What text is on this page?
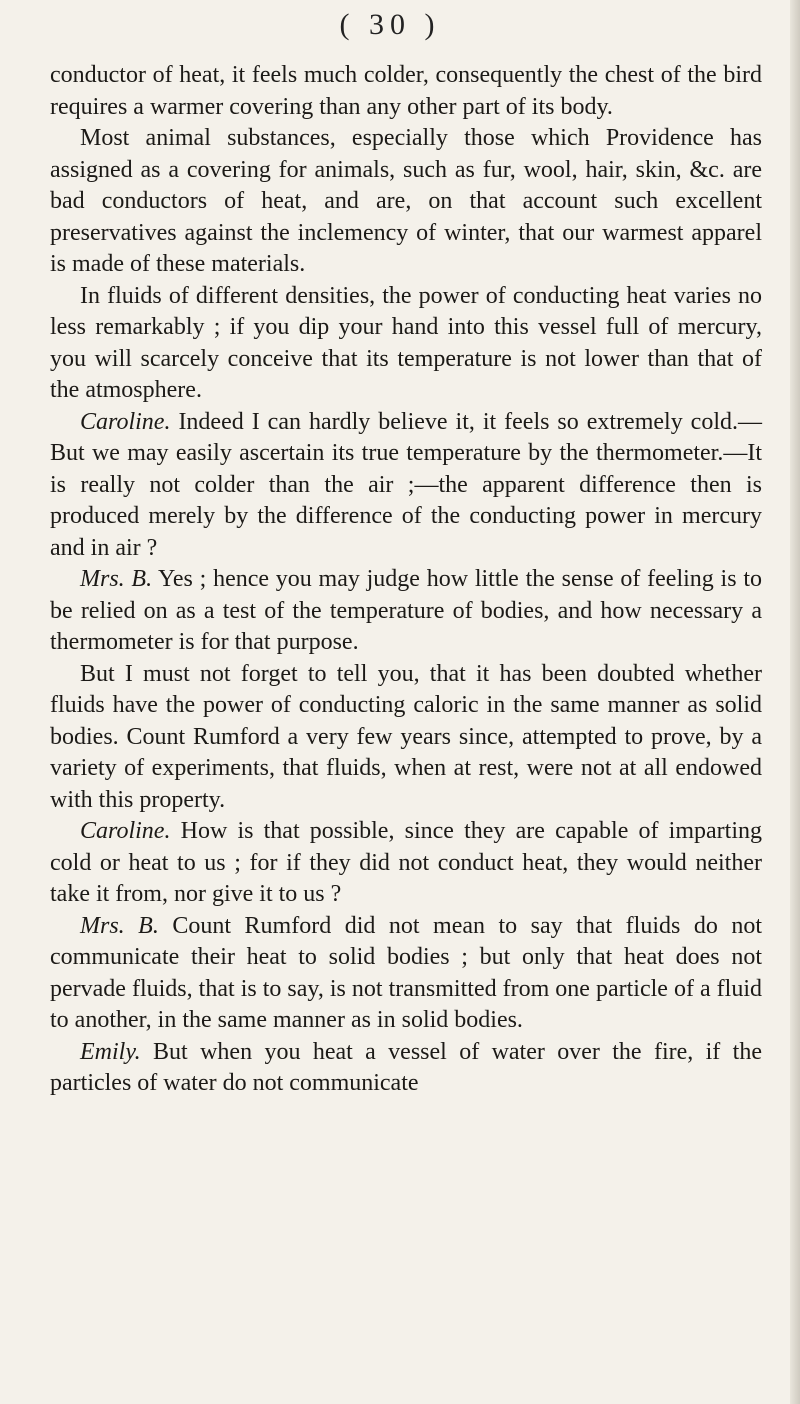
( 30 )

conductor of heat, it feels much colder, consequently the chest of the bird requires a warmer covering than any other part of its body.

Most animal substances, especially those which Providence has assigned as a covering for animals, such as fur, wool, hair, skin, &c. are bad conductors of heat, and are, on that account such excellent preservatives against the inclemency of winter, that our warmest apparel is made of these materials.

In fluids of different densities, the power of conducting heat varies no less remarkably ; if you dip your hand into this vessel full of mercury, you will scarcely conceive that its temperature is not lower than that of the atmosphere.

Caroline. Indeed I can hardly believe it, it feels so extremely cold.—But we may easily ascertain its true temperature by the thermometer.—It is really not colder than the air ;—the apparent difference then is produced merely by the difference of the conducting power in mercury and in air ?

Mrs. B. Yes ; hence you may judge how little the sense of feeling is to be relied on as a test of the temperature of bodies, and how necessary a thermometer is for that purpose.

But I must not forget to tell you, that it has been doubted whether fluids have the power of conducting caloric in the same manner as solid bodies. Count Rumford a very few years since, attempted to prove, by a variety of experiments, that fluids, when at rest, were not at all endowed with this property.

Caroline. How is that possible, since they are capable of imparting cold or heat to us ; for if they did not conduct heat, they would neither take it from, nor give it to us ?

Mrs. B. Count Rumford did not mean to say that fluids do not communicate their heat to solid bodies ; but only that heat does not pervade fluids, that is to say, is not transmitted from one particle of a fluid to another, in the same manner as in solid bodies.

Emily. But when you heat a vessel of water over the fire, if the particles of water do not communicate
